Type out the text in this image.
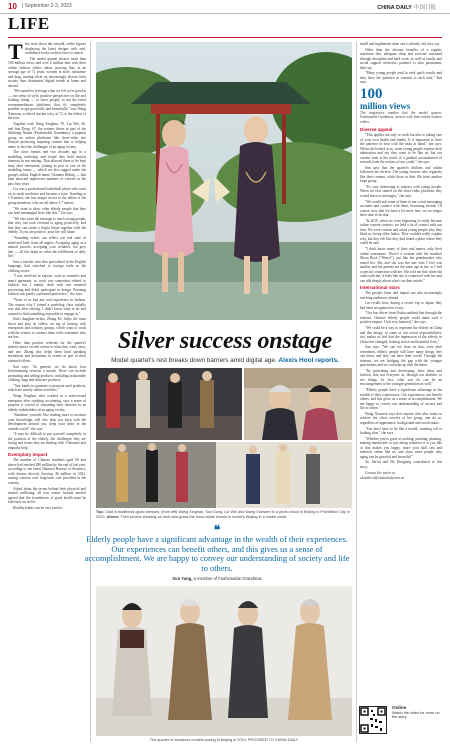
10 | September 2-3, 2023	CHINA DAILY 中国日报
LIFE

They strut down the catwalk, svelte figures displaying the latest designs with zeal, confidence looks on their faces to match.

The model quartet attracts more than 100 million views and over 2 million fans with their online fashion videos about, proving that, at an average age of 71 years, women in style, substance and drag, turning silver on increasingly diverse lines society does dominated digital trends at home and abroad.

"We wanted to leverage what we felt we're good at — our sense of style, positive perspective on life and looking fitting — to show people, to run the latest recommendations platforms, that it's completely possible to age gracefully and beautifully," says Wang Xianwen, a retired teacher who, at 72, is the oldest of the four.

Together with Wang Xinghan, 70, Liu Wei, 66, and Sun Dong, 67, the retirees thrive in part of the Shishang Nainai (Fashionable Grandmas), a popular group on online platforms like short-video site Douyin producing inspiring content that is helping many to face the challenges of an aging society.

The close friends met two decades ago in a modeling workshop and found they held similar interests in not retiring. That allowed them to be kept busy after retirement, joining as part of one of the modeling teams — which are also tagged under the group's online English name, Glamma Riding — that later attracted impressive numbers of viewers in the past four years.

Liu was a professional basketball player who went on to study medicine and became a tutor. Standing at 1.8 meters, she has unique access to the tallest of the group members, who are all above 1.7 meters.

"We want to show other elderly people that they can lead meaningful lives like this," Liu says.

"We also want the message to reach young people, that they can look forward to aging positively, and that they can create a bright future together with the elderly. If you are positive, your life will shine.

"Sounding videos can reflect our real state of mind and body from all angles. Accepting aging as a natural process, accepting your wrinkles, not grey hair — all this helps us value the fulfillment of daily life."

Sun, a teacher who also specialized in the English language, had switched to foreign trade in the clothing sector.

"I was involved in exports, such as women's and men's garments, so work was somewhat related to fashion, but I mainly dealt with raw material processing and didn't participate in design. Pursuing fashion was purely a personal preference," she says.

"None of us had any real experience in fashion. The reason why I joined a modeling class initially was that after retiring, I didn't know what to do and wanted to find something enjoyable to engage in."

Sun's daughter-in-law, Zhang Ke, helps the team shoot and post its videos, on top of liaising with enterprises and industry groups, which want to work with the seniors to connect them with consumers who are less.

Other than product referrals for the quartet's interest draws on real events to what they wear, carry, and use. Zhang also helps them land speaking invitations and invitations to events as part of their outreach efforts.

Sun says: "In general, we do about four livestreaming sessions a month. These can include promoting and selling products, including fashionable clothing, bags and skincare products.

"Any funds we generate to promote such products, which are mostly online activities."

Wang Xinghan, who worked in a state-owned enterprise after studying accounting, says a sense of purpose is crucial to sustaining their interests in an elderly stakeholders of an aging society.

"Sunshine, yourself, like reading more to increase your knowledge, will also help you keep with the development around you, keep your heart in the outside world," she says.

"It may be difficult to put yourself completely in the position of the elderly, the challenges they are facing and issues they are dealing with. Tolerance and empathy help."

Exemplary impact

The number of Chinese residents aged 60 and above had reached 280 million by the end of last year, according to the latest National Bureau of Statistics, with dozens directly thriving 46 million in 2021, raising concern over long-term care provided in the country.

Asked about the recent behind their physical and mental wellbeing, all four senior fashion models agreed that the foundations of good health must be laid early on in life.

Healthy habits can be very hard to

Silver success onstage
Model quartet's rest breaks down barriers amid digital age. Alexis Hool reports.
Top: Clad in traditional qipao dresses, (from left) Wang Xinghan, Sun Dong, Liu Wei and Wang Xianwen in a photo shoot in Beijing in Prohibition City in 2020. Above: Their photos showing an Irish-wild-grass the local online events in model's Beijing in a model world.
❝
Elderly people have a significant advantage in the wealth of their experiences. Our experiences can benefit others, and this gives us a sense of accomplishment. We are happy to convey our understanding of society and life to others.
Sun Yang, a member of Fashionable Grandmas
The quartet of amateurs models posing in Beijing in 2019. PROVIDED TO CHINA DAILY

instill and implement when one is already old, they say.

Other than the obvious benefits of a regular, nutritious diet, adequate sleep and exercise sustained through discipline and hard work, as well as family and social support networks, patience is also paramount, they say.

"Many young people tend to seek quick results and they have the patience to commit to such task," Sun says.

100
million views
The impressive number that the model quartet, Fashionable Grandmas, attracts with their online fashion videos
Diverse appeal

"This applies not only to work but also to taking care of your own health and family. It is important to have the patience to deal with the tasks at hand," she says. When she looked at us, some young people express their admiration and say they want to be like us, but our current state is the result of a gradual accumulation of rewards from the actions of our youth," she says.

Sun says that the quartet's abilities and online followers are diverse. The young viewers who regularly like their content, while those in their 30s from another large group.

"It's very interesting to interact with young people. When we first started on the short-video platform, they would leave us messages," she says.

"We would ask some of them to our social messaging accounts and connect with them, becoming friends. Of course, now that we have a lot more fans, we no longer have time to do that.

"In 2019, when we were beginning to really become online content creators, we held a lot of contact with our fans. We were curious and asked young people why they liked us, being older ladies. They couldn't really explain why, but they felt like they had found a place where they could be safe.

"I don't know many of their real names, only their online usernames. There's a woman with the moniker Moon Rose ("Wenxi"), just like her grandmother who raised her. She and she was the one who I feel was similar, and her parents are the same age as me, so I feel a special connection with her. She told me that when she chats with me, it feels like she is connected with her and can talk deeply about what's on their minds."

International stars

The group's fame and impact are also increasingly reaching audiences abroad.

Liu recalls how, during a recent trip to Japan, they had been recognized on a tour.

"Our bus driver from Osaka realized that through the internet, Chinese elderly people could make such a positive impact. I felt very honored," she says.

"We could be a way to represent the elderly in China and this image, of some of our social responsibilities, too, makes us feel that the impression of the elderly in China has changed, looking active and beautiful lives."

Sun says: "We can see from on that, even after retirement, elderly people still have many things they can learn, and they can have their world. Through the internet, we are bridging the gap with the younger generations and we can keep up with the times.

"By presenting and developing, have ideas and fashion, this, not everyone us, through our abilities, to see things. In fact, what you do can be an encouragement to the younger generation as well."

"Elderly people have a significant advantage in the wealth of their experiences. Our experiences can benefit others, and this gives us a sense of accomplishment. We are happy to convey our understanding of society and life to others."

Wang Xianwen says that anyone who also wants to achieve the silver success of her group, one do so, regardless of appearance, background and social status.

"You don't have to be like a model, standing tall or looking slim," she says.

"Whether you're good at cooking, painting, planting, making handicrafts or just doing whatever it is you like or that makes you happy, share your skill sets and interests online like us, and show more people why aging can be graceful and beautiful."

Xu Jun'an and Hu Dongfang contributed to this story.

Contact the writer at

alexishool@chinadaily.com.cn

Online
Watch the video for more on the story.
